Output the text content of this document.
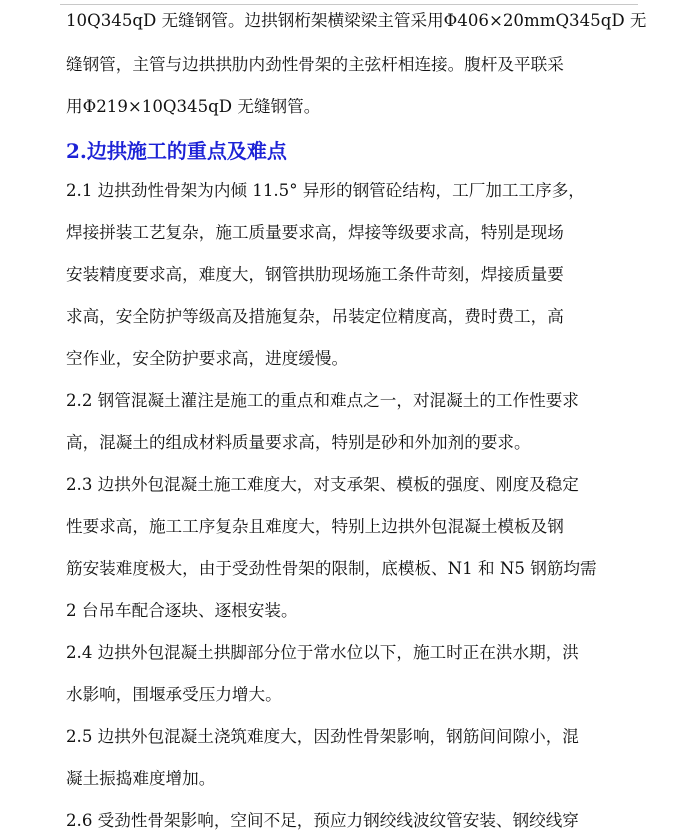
10Q345qD 无缝钢管。边拱钢桁架横梁梁主管采用Φ406×20mmQ345qD 无
缝钢管，主管与边拱拱肋内劲性骨架的主弦杆相连接。腹杆及平联采
用Φ219×10Q345qD 无缝钢管。
2.边拱施工的重点及难点
2.1 边拱劲性骨架为内倾 11.5° 异形的钢管砼结构，工厂加工工序多，
焊接拼装工艺复杂，施工质量要求高，焊接等级要求高，特别是现场
安装精度要求高，难度大，钢管拱肋现场施工条件苛刻，焊接质量要
求高，安全防护等级高及措施复杂，吊装定位精度高，费时费工，高
空作业，安全防护要求高，进度缓慢。
2.2 钢管混凝土灌注是施工的重点和难点之一，对混凝土的工作性要求
高，混凝土的组成材料质量要求高，特别是砂和外加剂的要求。
2.3 边拱外包混凝土施工难度大，对支承架、模板的强度、刚度及稳定
性要求高，施工工序复杂且难度大，特别上边拱外包混凝土模板及钢
筋安装难度极大，由于受劲性骨架的限制，底模板、N1 和 N5 钢筋均需
2 台吊车配合逐块、逐根安装。
2.4 边拱外包混凝土拱脚部分位于常水位以下，施工时正在洪水期，洪
水影响，围堰承受压力增大。
2.5 边拱外包混凝土浇筑难度大，因劲性骨架影响，钢筋间间隙小，混
凝土振捣难度增加。
2.6 受劲性骨架影响，空间不足，预应力钢绞线波纹管安装、钢绞线穿
